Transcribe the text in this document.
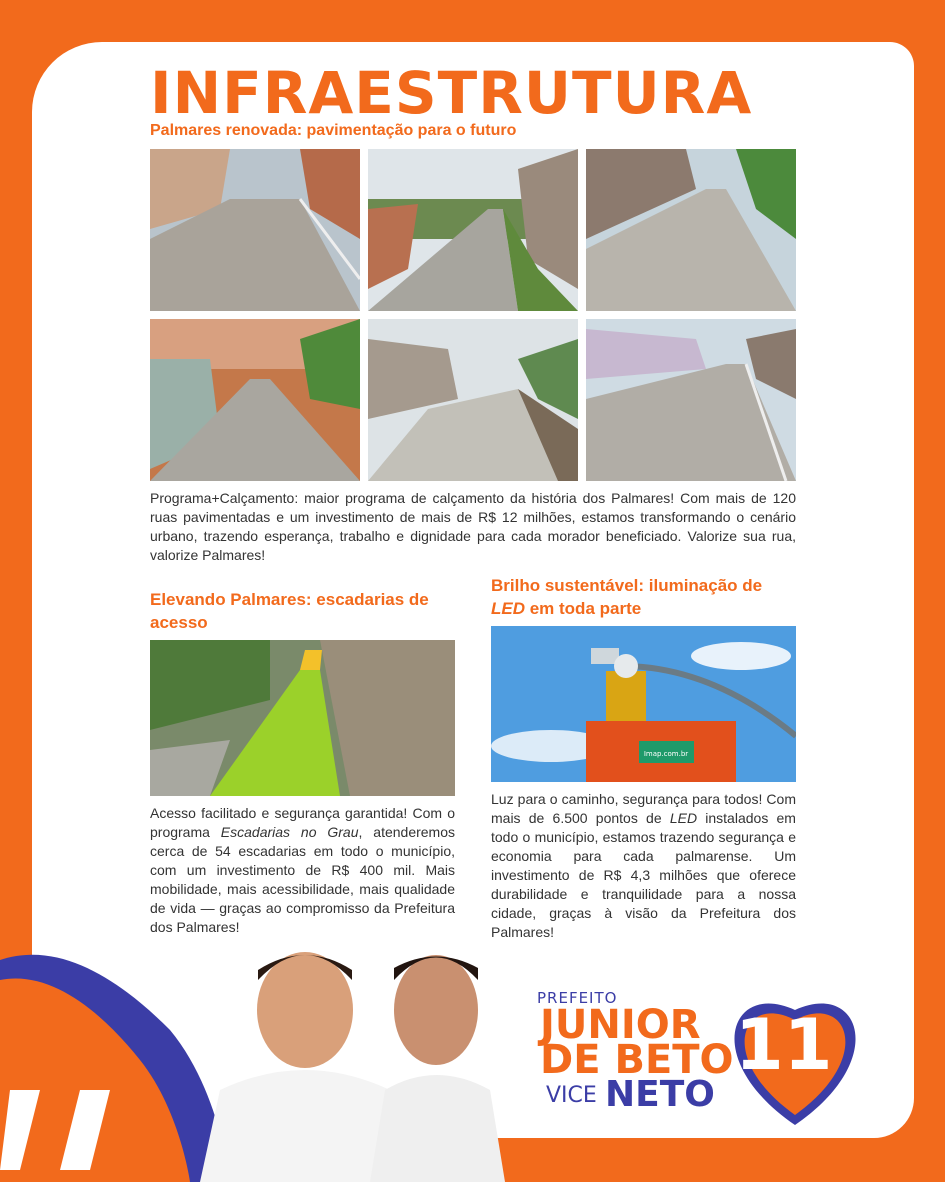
INFRAESTRUTURA
Palmares renovada: pavimentação para o futuro

Programa+Calçamento: maior programa de calçamento da história dos Palmares! Com mais de 120 ruas pavimentadas e um investimento de mais de R$ 12 milhões, estamos transformando o cenário urbano, trazendo esperança, trabalho e dignidade para cada morador beneficiado. Valorize sua rua, valorize Palmares!

Elevando Palmares: escadarias de acesso

Acesso facilitado e segurança garantida! Com o programa Escadarias no Grau, atenderemos cerca de 54 escadarias em todo o município, com um investimento de R$ 400 mil. Mais mobilidade, mais acessibilidade, mais qualidade de vida — graças ao compromisso da Prefeitura dos Palmares!

Brilho sustentável: iluminação de LED em toda parte
Imap.com.br

Luz para o caminho, segurança para todos! Com mais de 6.500 pontos de LED instalados em todo o município, estamos trazendo segurança e economia para cada palmarense. Um investimento de R$ 4,3 milhões que oferece durabilidade e tranquilidade para a nossa cidade, graças à visão da Prefeitura dos Palmares!

PREFEITO
JUNIOR
DE BETO
VICE NETO
11
